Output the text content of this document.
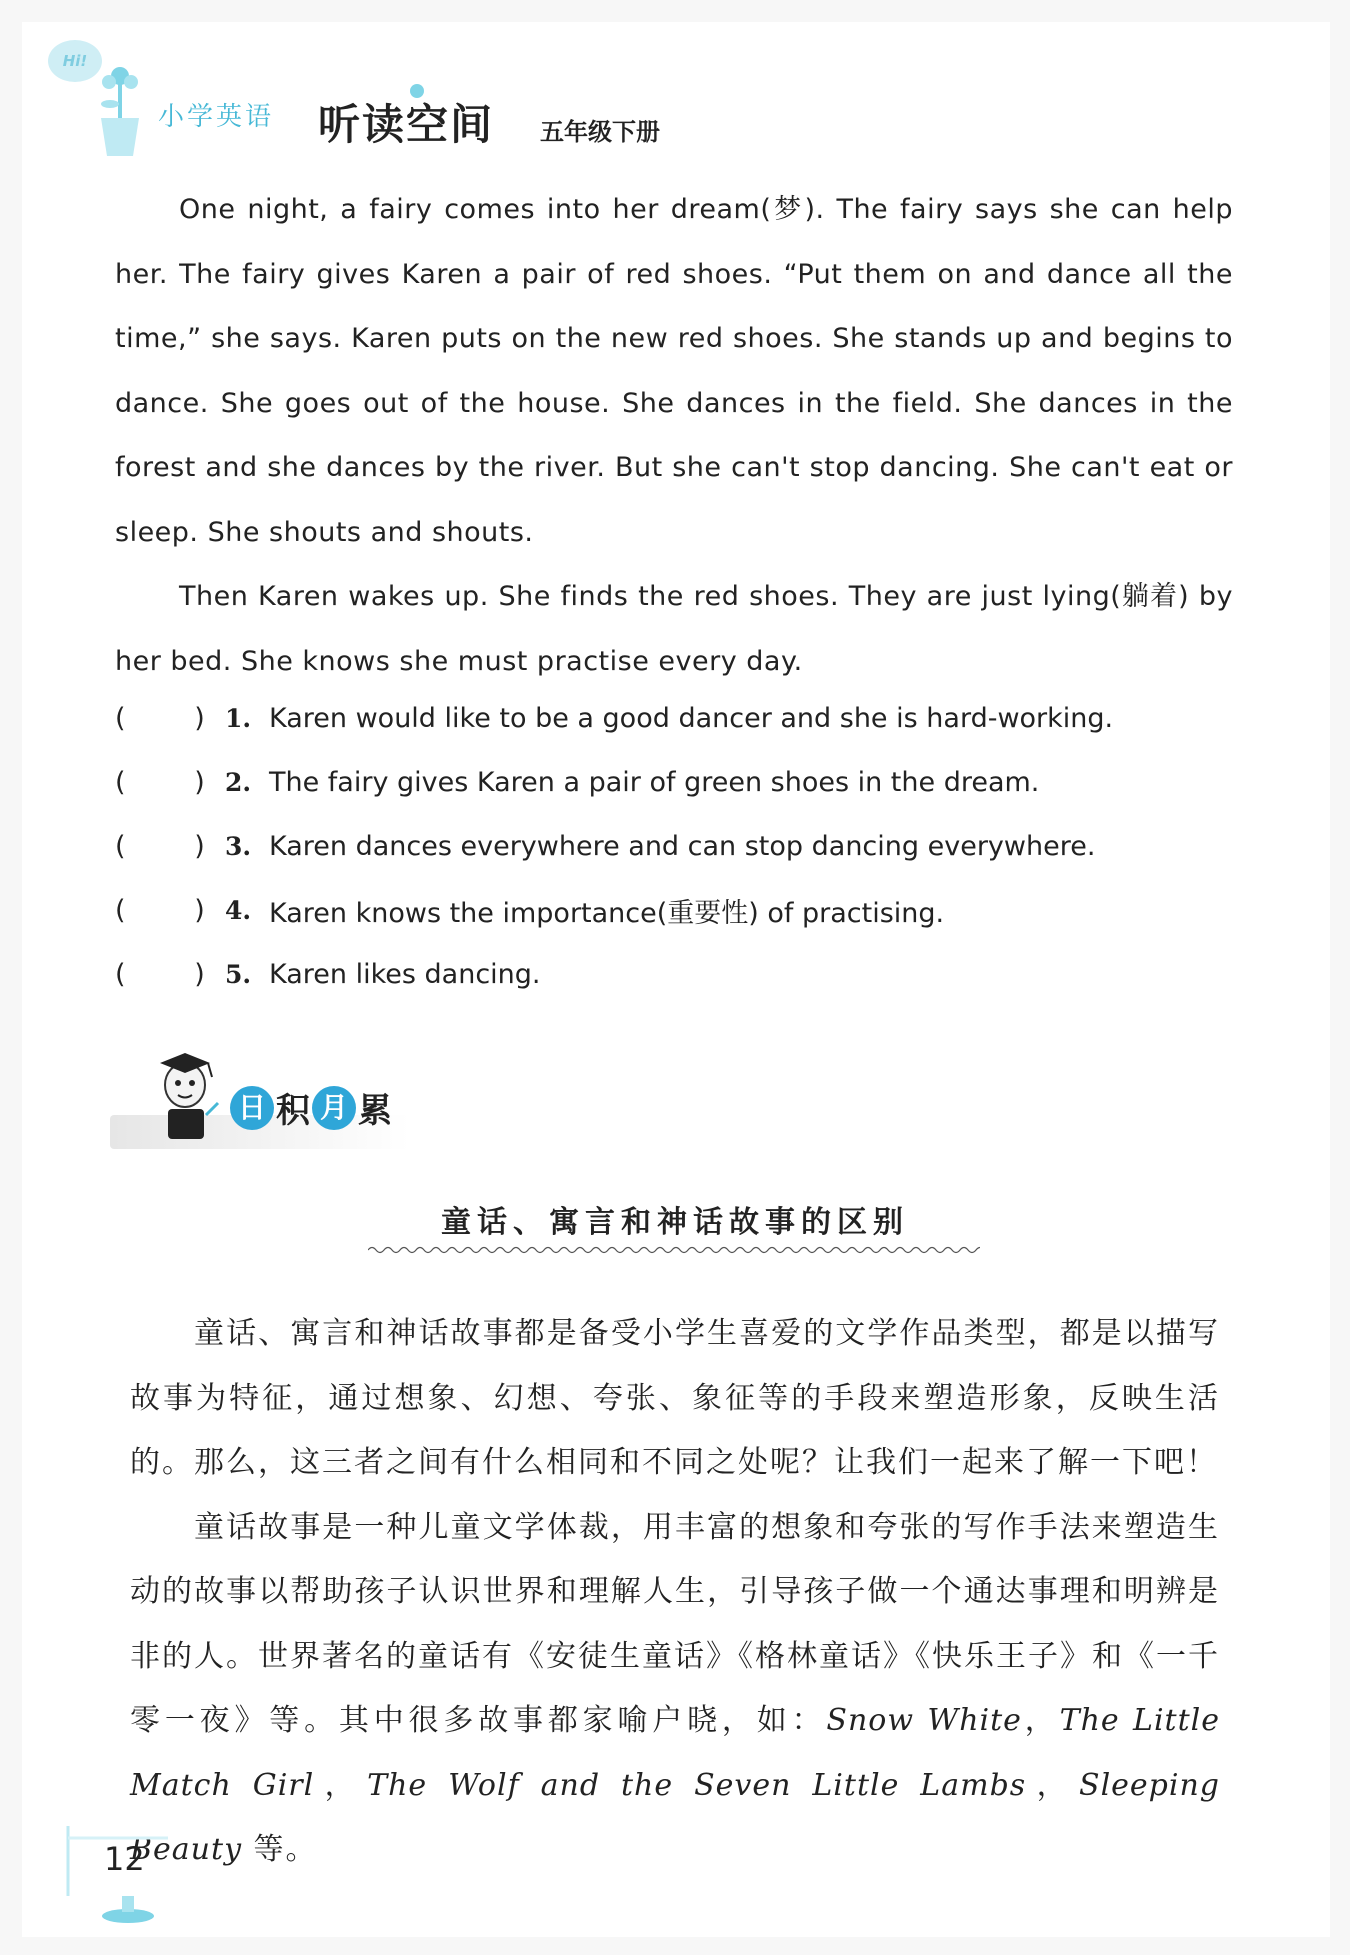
Hi!
小学英语 听读空间 五年级下册

One night, a fairy comes into her dream(梦). The fairy says she can help her. The fairy gives Karen a pair of red shoes. “Put them on and dance all the time,” she says. Karen puts on the new red shoes. She stands up and begins to dance. She goes out of the house. She dances in the field. She dances in the forest and she dances by the river. But she can't stop dancing. She can't eat or sleep. She shouts and shouts.

Then Karen wakes up. She finds the red shoes. They are just lying(躺着) by her bed. She knows she must practise every day.

(        ) 1. Karen would like to be a good dancer and she is hard-working.
(        ) 2. The fairy gives Karen a pair of green shoes in the dream.
(        ) 3. Karen dances everywhere and can stop dancing everywhere.
(        ) 4. Karen knows the importance(重要性) of practising.
(        ) 5. Karen likes dancing.
日 积 月 累
童话、寓言和神话故事的区别

童话、寓言和神话故事都是备受小学生喜爱的文学作品类型，都是以描写故事为特征，通过想象、幻想、夸张、象征等的手段来塑造形象，反映生活的。那么，这三者之间有什么相同和不同之处呢？让我们一起来了解一下吧！

童话故事是一种儿童文学体裁，用丰富的想象和夸张的写作手法来塑造生动的故事以帮助孩子认识世界和理解人生，引导孩子做一个通达事理和明辨是非的人。世界著名的童话有《安徒生童话》《格林童话》《快乐王子》和《一千零一夜》等。其中很多故事都家喻户晓，如：Snow White，The Little Match Girl，The Wolf and the Seven Little Lambs，Sleeping Beauty 等。

12
